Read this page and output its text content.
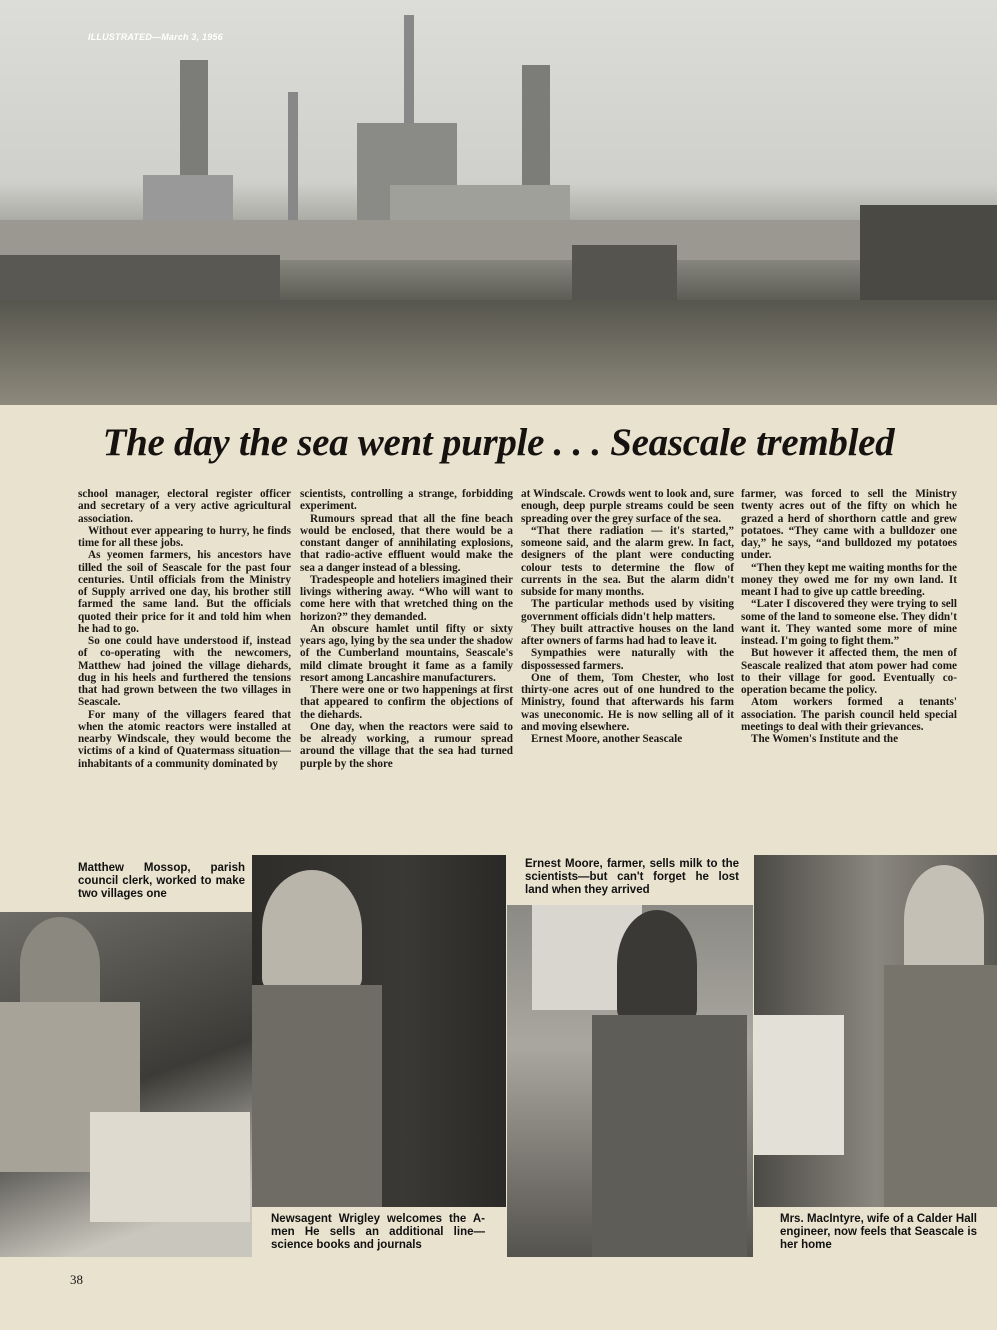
ILLUSTRATED—March 3, 1956
The day the sea went purple . . . Seascale trembled

school manager, electoral register officer and secretary of a very active agricultural association.

Without ever appearing to hurry, he finds time for all these jobs.

As yeomen farmers, his ancestors have tilled the soil of Seascale for the past four centuries. Until officials from the Ministry of Supply arrived one day, his brother still farmed the same land. But the officials quoted their price for it and told him when he had to go.

So one could have understood if, instead of co-operating with the newcomers, Matthew had joined the village diehards, dug in his heels and furthered the tensions that had grown between the two villages in Seascale.

For many of the villagers feared that when the atomic reactors were installed at nearby Windscale, they would become the victims of a kind of Quatermass situation—inhabitants of a community dominated by

scientists, controlling a strange, forbidding experiment.

Rumours spread that all the fine beach would be enclosed, that there would be a constant danger of annihilating explosions, that radio-active effluent would make the sea a danger instead of a blessing.

Tradespeople and hoteliers imagined their livings withering away. “Who will want to come here with that wretched thing on the horizon?” they demanded.

An obscure hamlet until fifty or sixty years ago, lying by the sea under the shadow of the Cumberland mountains, Seascale's mild climate brought it fame as a family resort among Lancashire manufacturers.

There were one or two happenings at first that appeared to confirm the objections of the diehards.

One day, when the reactors were said to be already working, a rumour spread around the village that the sea had turned purple by the shore

at Windscale. Crowds went to look and, sure enough, deep purple streams could be seen spreading over the grey surface of the sea.

“That there radiation — it's started,” someone said, and the alarm grew. In fact, designers of the plant were conducting colour tests to determine the flow of currents in the sea. But the alarm didn't subside for many months.

The particular methods used by visiting government officials didn't help matters.

They built attractive houses on the land after owners of farms had had to leave it.

Sympathies were naturally with the dispossessed farmers.

One of them, Tom Chester, who lost thirty-one acres out of one hundred to the Ministry, found that afterwards his farm was uneconomic. He is now selling all of it and moving elsewhere.

Ernest Moore, another Seascale

farmer, was forced to sell the Ministry twenty acres out of the fifty on which he grazed a herd of shorthorn cattle and grew potatoes. “They came with a bulldozer one day,” he says, “and bulldozed my potatoes under.

“Then they kept me waiting months for the money they owed me for my own land. It meant I had to give up cattle breeding.

“Later I discovered they were trying to sell some of the land to someone else. They didn't want it. They wanted some more of mine instead. I'm going to fight them.”

But however it affected them, the men of Seascale realized that atom power had come to their village for good. Eventually co-operation became the policy.

Atom workers formed a tenants' association. The parish council held special meetings to deal with their grievances.

The Women's Institute and the

Matthew Mossop, parish council clerk, worked to make two villages one
Newsagent Wrigley welcomes the A-men He sells an additional line—science books and journals
Ernest Moore, farmer, sells milk to the scientists—but can't forget he lost land when they arrived
Mrs. MacIntyre, wife of a Calder Hall engineer, now feels that Seascale is her home
38
